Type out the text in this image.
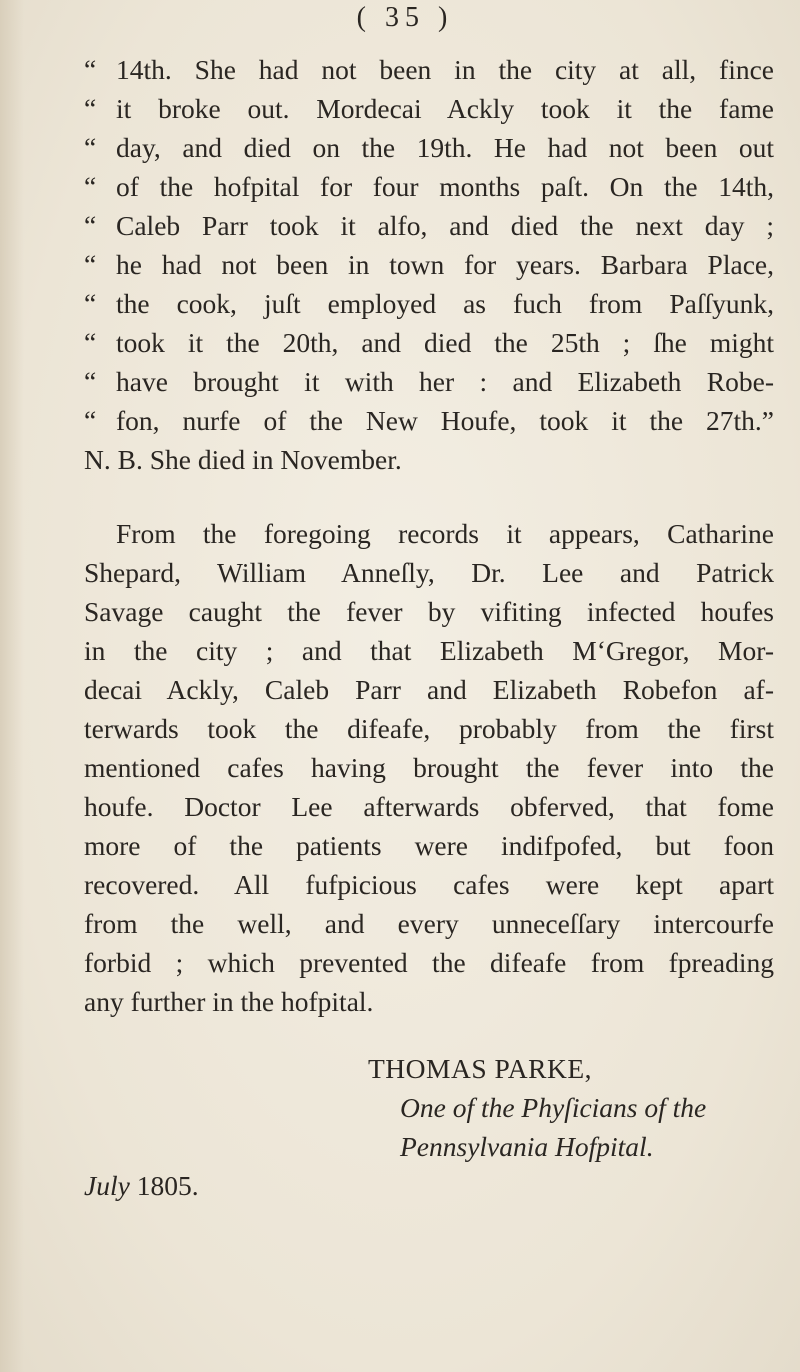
( 35 )
“ 14th. She had not been in the city at all, fince
“ it broke out. Mordecai Ackly took it the fame
“ day, and died on the 19th. He had not been out
“ of the hofpital for four months paſt. On the 14th,
“ Caleb Parr took it alfo, and died the next day ;
“ he had not been in town for years. Barbara Place,
“ the cook, juſt employed as fuch from Paſſyunk,
“ took it the 20th, and died the 25th ; ſhe might
“ have brought it with her : and Elizabeth Robe-
“ fon, nurfe of the New Houfe, took it the 27th.”
N. B. She died in November.
From the foregoing records it appears, Catharine
Shepard, William Anneſly, Dr. Lee and Patrick
Savage caught the fever by vifiting infected houfes
in the city ; and that Elizabeth M‘Gregor, Mor-
decai Ackly, Caleb Parr and Elizabeth Robefon af-
terwards took the difeafe, probably from the first
mentioned cafes having brought the fever into the
houfe. Doctor Lee afterwards obferved, that fome
more of the patients were indifpofed, but foon
recovered. All fufpicious cafes were kept apart
from the well, and every unneceſſary intercourfe
forbid ; which prevented the difeafe from fpreading
any further in the hofpital.
THOMAS PARKE,
One of the Phyſicians of the
Pennsylvania Hofpital.
July 1805.
